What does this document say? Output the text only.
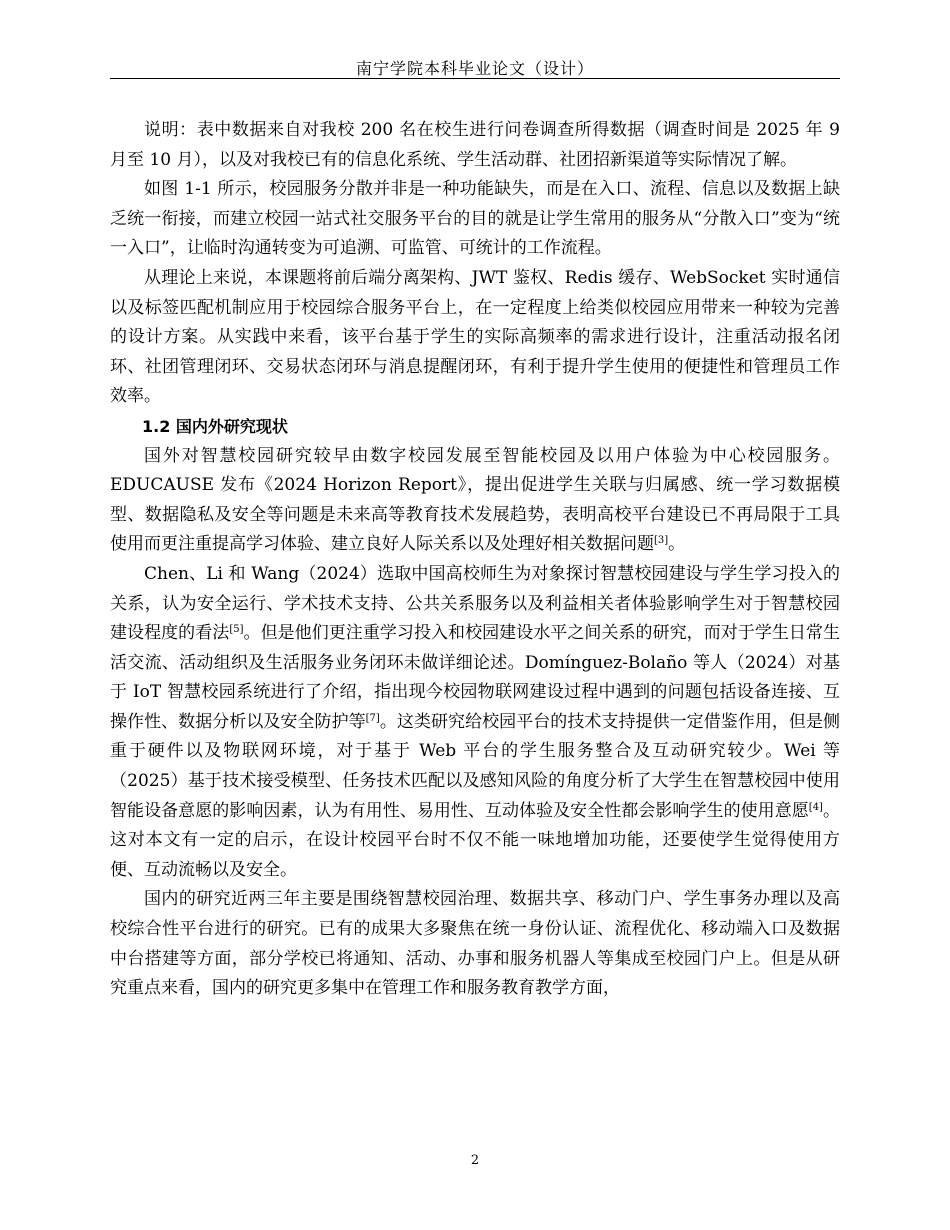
南宁学院本科毕业论文（设计）

说明：表中数据来自对我校 200 名在校生进行问卷调查所得数据（调查时间是 2025 年 9 月至 10 月），以及对我校已有的信息化系统、学生活动群、社团招新渠道等实际情况了解。

如图 1-1 所示，校园服务分散并非是一种功能缺失，而是在入口、流程、信息以及数据上缺乏统一衔接，而建立校园一站式社交服务平台的目的就是让学生常用的服务从“分散入口”变为“统一入口”，让临时沟通转变为可追溯、可监管、可统计的工作流程。

从理论上来说，本课题将前后端分离架构、JWT 鉴权、Redis 缓存、WebSocket 实时通信以及标签匹配机制应用于校园综合服务平台上，在一定程度上给类似校园应用带来一种较为完善的设计方案。从实践中来看，该平台基于学生的实际高频率的需求进行设计，注重活动报名闭环、社团管理闭环、交易状态闭环与消息提醒闭环，有利于提升学生使用的便捷性和管理员工作效率。

1.2 国内外研究现状

国外对智慧校园研究较早由数字校园发展至智能校园及以用户体验为中心校园服务。EDUCAUSE 发布《2024 Horizon Report》，提出促进学生关联与归属感、统一学习数据模型、数据隐私及安全等问题是未来高等教育技术发展趋势，表明高校平台建设已不再局限于工具使用而更注重提高学习体验、建立良好人际关系以及处理好相关数据问题[3]。

Chen、Li 和 Wang（2024）选取中国高校师生为对象探讨智慧校园建设与学生学习投入的关系，认为安全运行、学术技术支持、公共关系服务以及利益相关者体验影响学生对于智慧校园建设程度的看法[5]。但是他们更注重学习投入和校园建设水平之间关系的研究，而对于学生日常生活交流、活动组织及生活服务业务闭环未做详细论述。Domínguez-Bolaño 等人（2024）对基于 IoT 智慧校园系统进行了介绍，指出现今校园物联网建设过程中遇到的问题包括设备连接、互操作性、数据分析以及安全防护等[7]。这类研究给校园平台的技术支持提供一定借鉴作用，但是侧重于硬件以及物联网环境，对于基于 Web 平台的学生服务整合及互动研究较少。Wei 等（2025）基于技术接受模型、任务技术匹配以及感知风险的角度分析了大学生在智慧校园中使用智能设备意愿的影响因素，认为有用性、易用性、互动体验及安全性都会影响学生的使用意愿[4]。这对本文有一定的启示，在设计校园平台时不仅不能一味地增加功能，还要使学生觉得使用方便、互动流畅以及安全。

国内的研究近两三年主要是围绕智慧校园治理、数据共享、移动门户、学生事务办理以及高校综合性平台进行的研究。已有的成果大多聚焦在统一身份认证、流程优化、移动端入口及数据中台搭建等方面，部分学校已将通知、活动、办事和服务机器人等集成至校园门户上。但是从研究重点来看，国内的研究更多集中在管理工作和服务教育教学方面，

2
